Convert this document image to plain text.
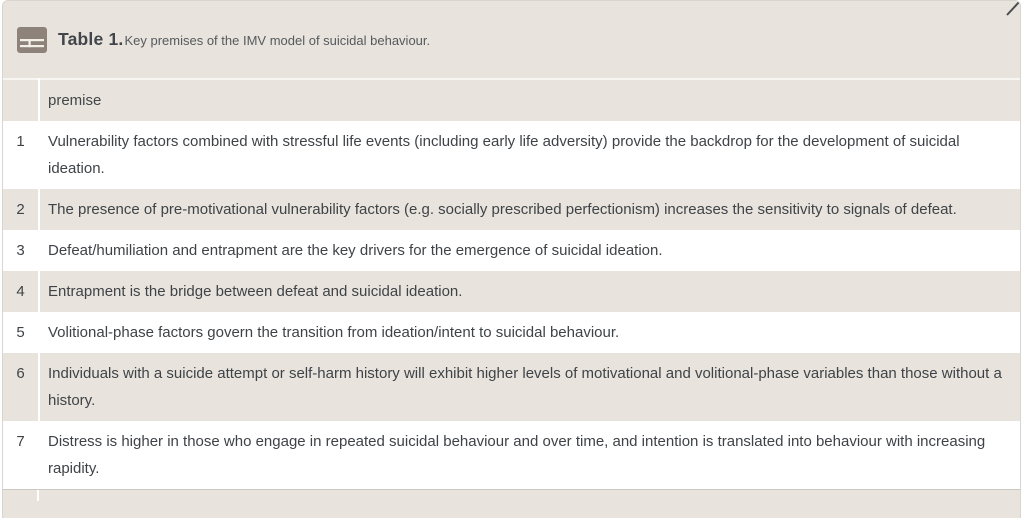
Table 1.Key premises of the IMV model of suicidal behaviour.
	premise
1	Vulnerability factors combined with stressful life events (including early life adversity) provide the backdrop for the development of suicidal ideation.
2	The presence of pre-motivational vulnerability factors (e.g. socially prescribed perfectionism) increases the sensitivity to signals of defeat.
3	Defeat/humiliation and entrapment are the key drivers for the emergence of suicidal ideation.
4	Entrapment is the bridge between defeat and suicidal ideation.
5	Volitional-phase factors govern the transition from ideation/intent to suicidal behaviour.
6	Individuals with a suicide attempt or self-harm history will exhibit higher levels of motivational and volitional-phase variables than those without a history.
7	Distress is higher in those who engage in repeated suicidal behaviour and over time, and intention is translated into behaviour with increasing rapidity.
